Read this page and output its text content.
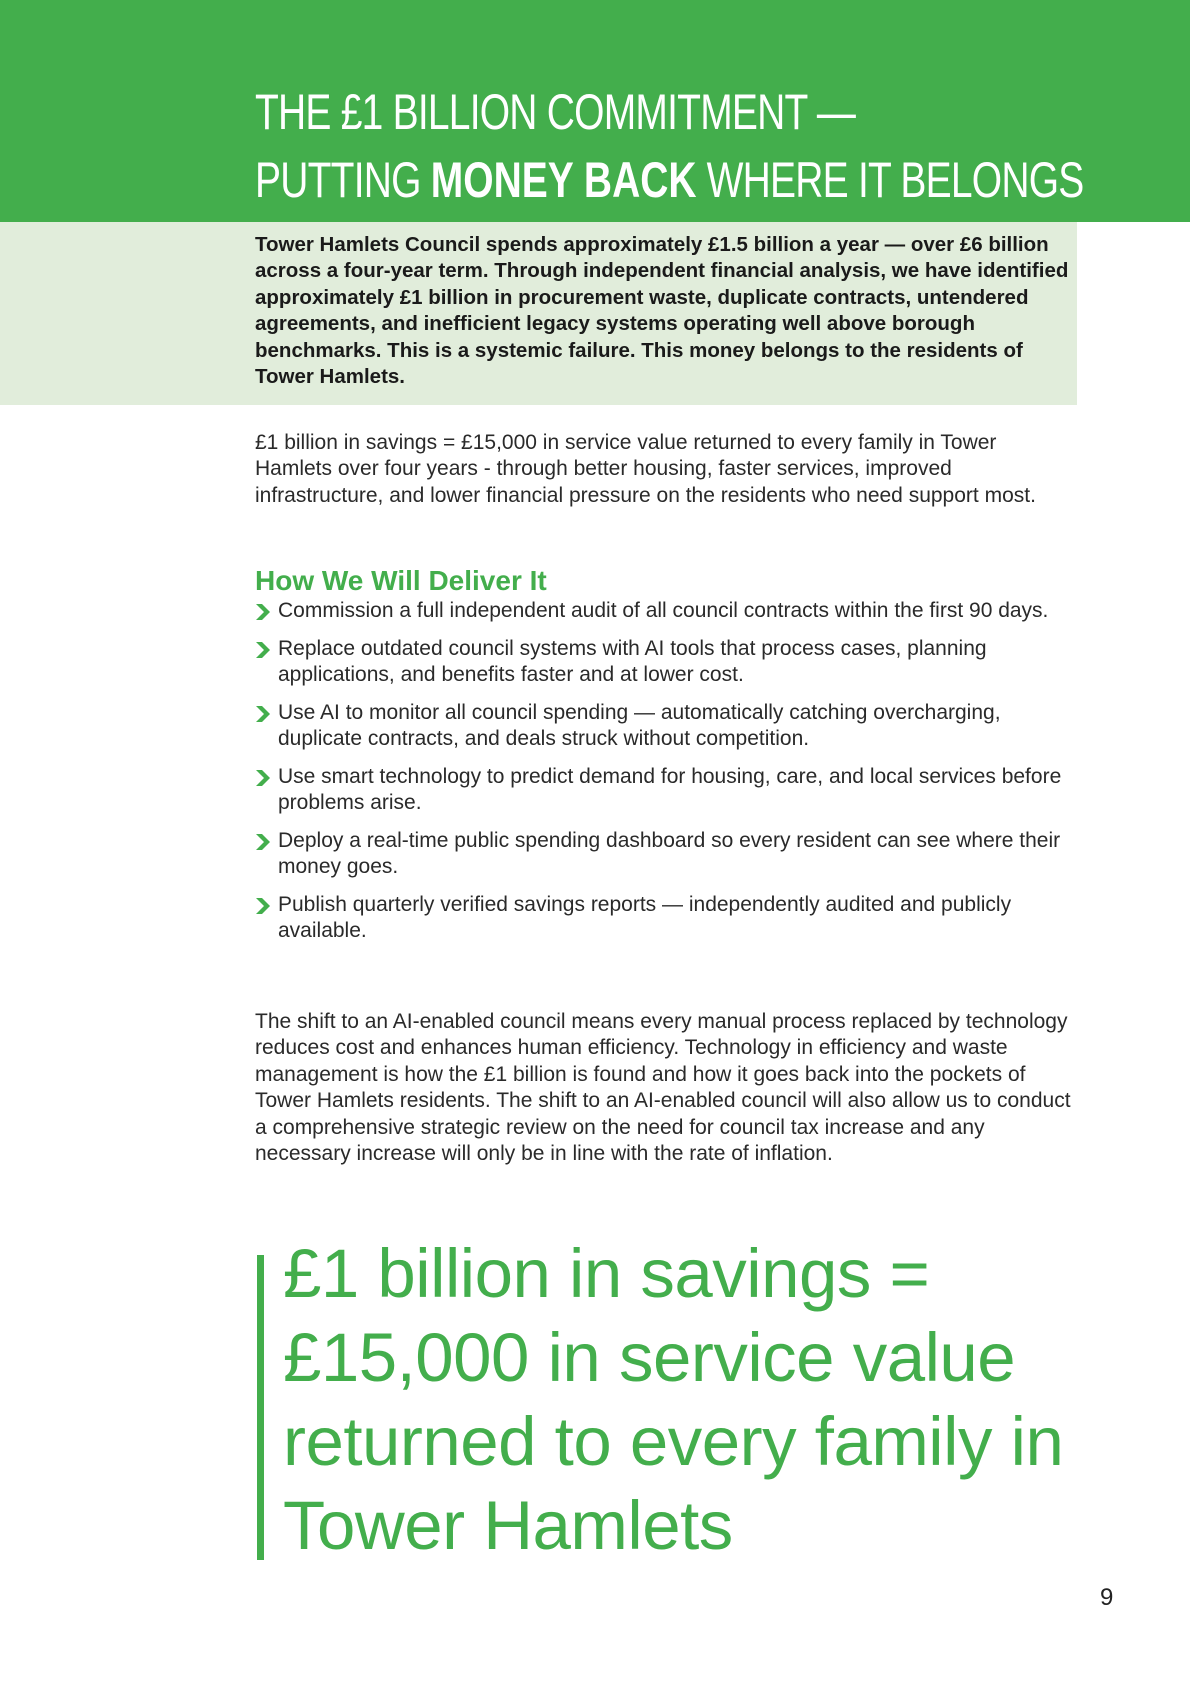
THE £1 BILLION COMMITMENT —
PUTTING MONEY BACK WHERE IT BELONGS
Tower Hamlets Council spends approximately £1.5 billion a year — over £6 billion across a four-year term. Through independent financial analysis, we have identified approximately £1 billion in procurement waste, duplicate contracts, untendered agreements, and inefficient legacy systems operating well above borough benchmarks. This is a systemic failure. This money belongs to the residents of Tower Hamlets.
£1 billion in savings = £15,000 in service value returned to every family in Tower Hamlets over four years - through better housing, faster services, improved infrastructure, and lower financial pressure on the residents who need support most.
How We Will Deliver It
Commission a full independent audit of all council contracts within the first 90 days.
Replace outdated council systems with AI tools that process cases, planning applications, and benefits faster and at lower cost.
Use AI to monitor all council spending — automatically catching overcharging, duplicate contracts, and deals struck without competition.
Use smart technology to predict demand for housing, care, and local services before problems arise.
Deploy a real-time public spending dashboard so every resident can see where their money goes.
Publish quarterly verified savings reports — independently audited and publicly available.
The shift to an AI-enabled council means every manual process replaced by technology reduces cost and enhances human efficiency. Technology in efficiency and waste management is how the £1 billion is found and how it goes back into the pockets of Tower Hamlets residents. The shift to an AI-enabled council will also allow us to conduct a comprehensive strategic review on the need for council tax increase and any necessary increase will only be in line with the rate of inflation.
£1 billion in savings = £15,000 in service value returned to every family in Tower Hamlets
9
